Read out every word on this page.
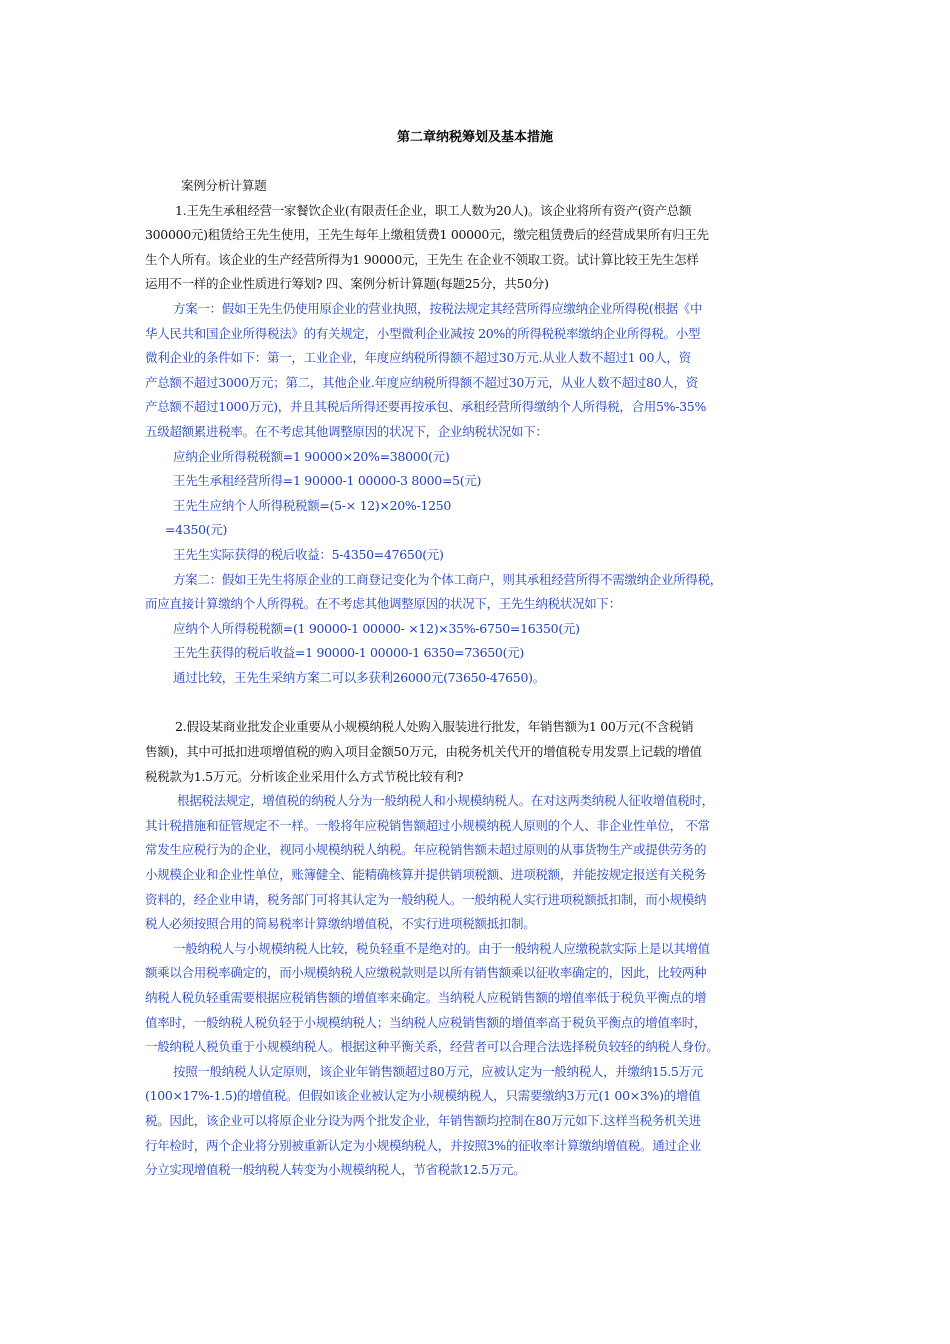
第二章纳税筹划及基本措施

案例分析计算题

1.王先生承租经营一家餐饮企业(有限责任企业，职工人数为20人)。该企业将所有资产(资产总额

300000元)租赁给王先生使用，王先生每年上缴租赁费1 00000元，缴完租赁费后的经营成果所有归王先

生个人所有。该企业的生产经营所得为1 90000元，王先生 在企业不领取工资。试计算比较王先生怎样

运用不一样的企业性质进行筹划? 四、案例分析计算题(每题25分，共50分)

方案一：假如王先生仍使用原企业的营业执照，按税法规定其经营所得应缴纳企业所得税(根据《中

华人民共和国企业所得税法》的有关规定，小型微利企业减按 20%的所得税税率缴纳企业所得税。小型

微利企业的条件如下：第一，工业企业，年度应纳税所得额不超过30万元.从业人数不超过1 00人，资

产总额不超过3000万元；第二，其他企业.年度应纳税所得额不超过30万元，从业人数不超过80人，资

产总额不超过1000万元)，并且其税后所得还要再按承包、承租经营所得缴纳个人所得税，合用5%-35%

五级超额累进税率。在不考虑其他调整原因的状况下，企业纳税状况如下：

应纳企业所得税税额=1 90000×20%=38000(元)

王先生承租经营所得=1 90000-1 00000-3 8000=5(元)

王先生应纳个人所得税税额=(5-× 12)×20%-1250

=4350(元)

王先生实际获得的税后收益：5-4350=47650(元)

方案二：假如王先生将原企业的工商登记变化为个体工商户，则其承租经营所得不需缴纳企业所得税，

而应直接计算缴纳个人所得税。在不考虑其他调整原因的状况下，王先生纳税状况如下：

应纳个人所得税税额=(1 90000-1 00000- ×12)×35%-6750=16350(元)

王先生获得的税后收益=1 90000-1 00000-1 6350=73650(元)

通过比较，王先生采纳方案二可以多获利26000元(73650-47650)。

2.假设某商业批发企业重要从小规模纳税人处购入服装进行批发，年销售额为1 00万元(不含税销

售额)，其中可抵扣进项增值税的购入项目金额50万元，由税务机关代开的增值税专用发票上记载的增值

税税款为1.5万元。分析该企业采用什么方式节税比较有利?

根据税法规定，增值税的纳税人分为一般纳税人和小规模纳税人。在对这两类纳税人征收增值税时，

其计税措施和征管规定不一样。一般将年应税销售额超过小规模纳税人原则的个人、非企业性单位， 不常

常发生应税行为的企业，视同小规模纳税人纳税。年应税销售额未超过原则的从事货物生产或提供劳务的

小规模企业和企业性单位，账簿健全、能精确核算并提供销项税额、进项税额，并能按规定报送有关税务

资料的，经企业申请，税务部门可将其认定为一般纳税人。一般纳税人实行进项税额抵扣制，而小规模纳

税人必须按照合用的简易税率计算缴纳增值税，不实行进项税额抵扣制。

一般纳税人与小规模纳税人比较，税负轻重不是绝对的。由于一般纳税人应缴税款实际上是以其增值

额乘以合用税率确定的，而小规模纳税人应缴税款则是以所有销售额乘以征收率确定的，因此，比较两种

纳税人税负轻重需要根据应税销售额的增值率来确定。当纳税人应税销售额的增值率低于税负平衡点的增

值率时，一般纳税人税负轻于小规模纳税人；当纳税人应税销售额的增值率高于税负平衡点的增值率时，

一般纳税人税负重于小规模纳税人。根据这种平衡关系，经营者可以合理合法选择税负较轻的纳税人身份。

按照一般纳税人认定原则，该企业年销售额超过80万元，应被认定为一般纳税人，并缴纳15.5万元

(100×17%-1.5)的增值税。但假如该企业被认定为小规模纳税人，只需要缴纳3万元(1 00×3%)的增值

税。因此，该企业可以将原企业分设为两个批发企业，年销售额均控制在80万元如下.这样当税务机关进

行年检时，两个企业将分别被重新认定为小规模纳税人，并按照3%的征收率计算缴纳增值税。通过企业

分立实现增值税一般纳税人转变为小规模纳税人，节省税款12.5万元。
